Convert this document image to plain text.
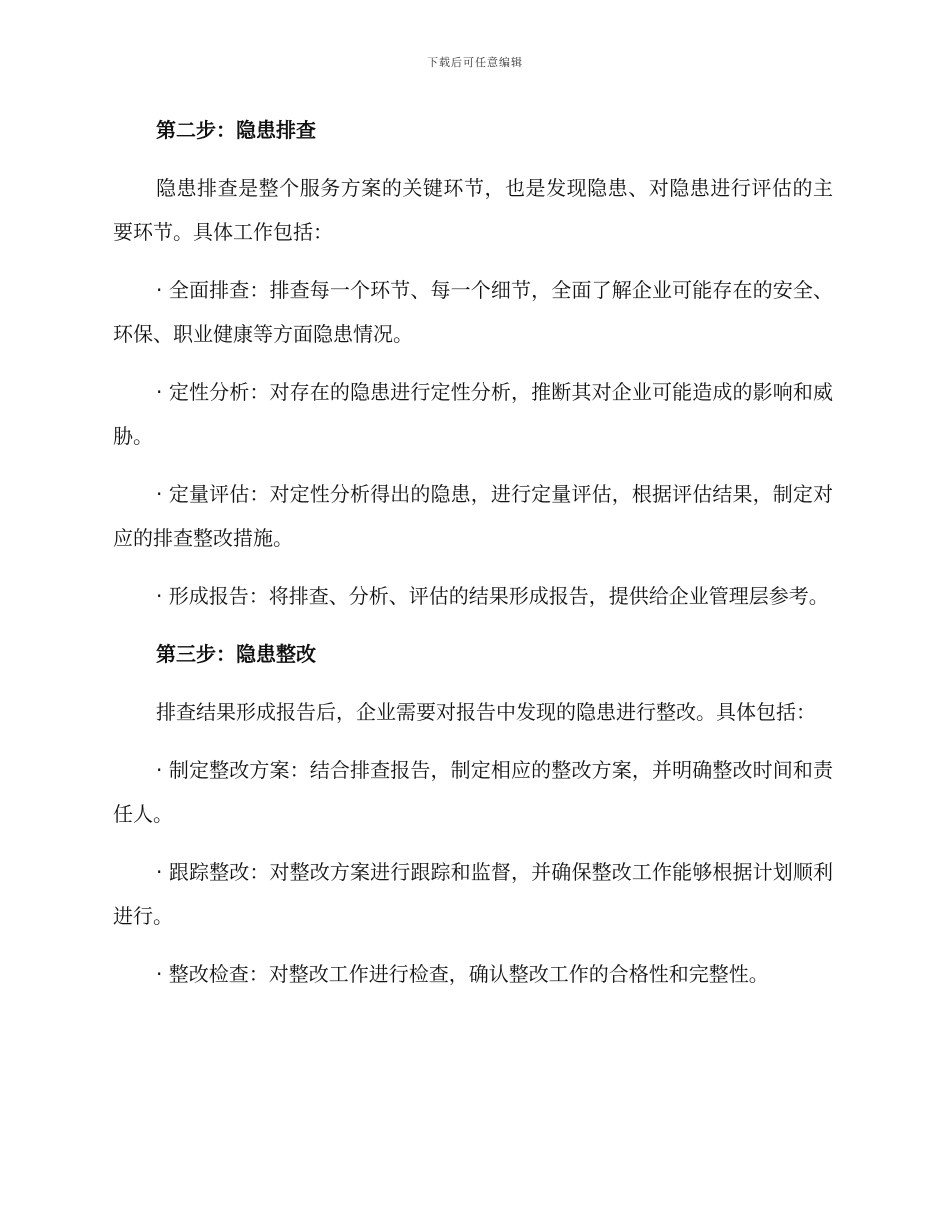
下载后可任意编辑
第二步：隐患排查

隐患排查是整个服务方案的关键环节，也是发现隐患、对隐患进行评估的主要环节。具体工作包括：

· 全面排查：排查每一个环节、每一个细节，全面了解企业可能存在的安全、环保、职业健康等方面隐患情况。

· 定性分析：对存在的隐患进行定性分析，推断其对企业可能造成的影响和威胁。

· 定量评估：对定性分析得出的隐患，进行定量评估，根据评估结果，制定对应的排查整改措施。

· 形成报告：将排查、分析、评估的结果形成报告，提供给企业管理层参考。

第三步：隐患整改

排查结果形成报告后，企业需要对报告中发现的隐患进行整改。具体包括：

· 制定整改方案：结合排查报告，制定相应的整改方案，并明确整改时间和责任人。

· 跟踪整改：对整改方案进行跟踪和监督，并确保整改工作能够根据计划顺利进行。

· 整改检查：对整改工作进行检查，确认整改工作的合格性和完整性。
